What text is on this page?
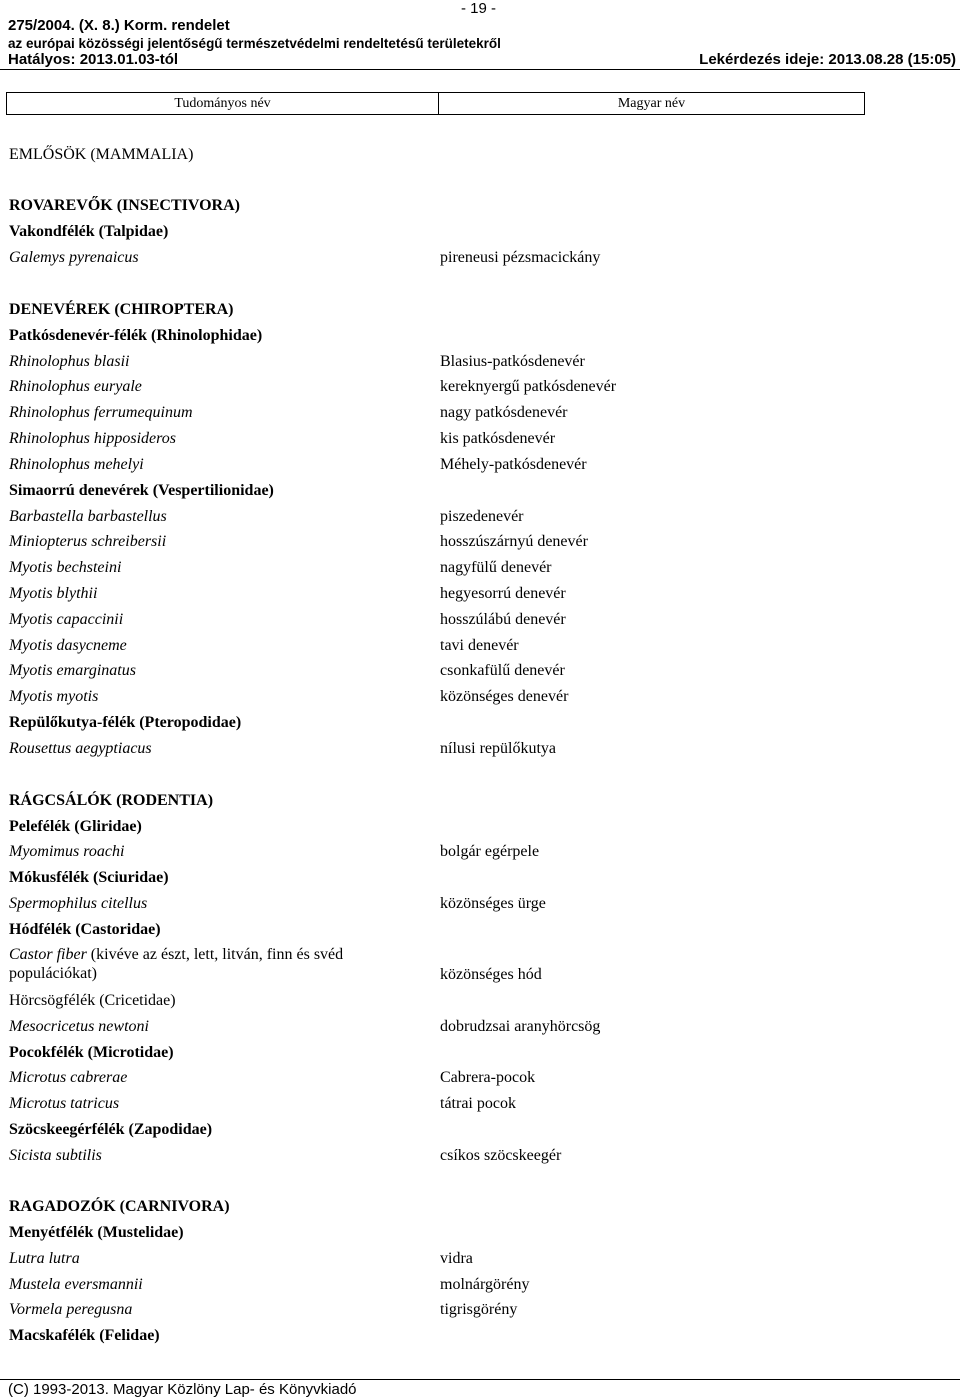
- 19 -
275/2004. (X. 8.) Korm. rendelet
az európai közösségi jelentőségű természetvédelmi rendeltetésű területekről
Hatályos: 2013.01.03-tól	Lekérdezés ideje: 2013.08.28 (15:05)
Tudományos név	Magyar név
EMLŐSÖK (MAMMALIA)
ROVAREVŐK (INSECTIVORA)
Vakondfélék (Talpidae)
Galemys pyrenaicus	pireneusi pézsmacickány
DENEVÉREK (CHIROPTERA)
Patkósdenevér-félék (Rhinolophidae)
Rhinolophus blasii	Blasius-patkósdenevér
Rhinolophus euryale	kereknyergű patkósdenevér
Rhinolophus ferrumequinum	nagy patkósdenevér
Rhinolophus hipposideros	kis patkósdenevér
Rhinolophus mehelyi	Méhely-patkósdenevér
Simaorrú denevérek (Vespertilionidae)
Barbastella barbastellus	piszedenevér
Miniopterus schreibersii	hosszúszárnyú denevér
Myotis bechsteini	nagyfülű denevér
Myotis blythii	hegyesorrú denevér
Myotis capaccinii	hosszúlábú denevér
Myotis dasycneme	tavi denevér
Myotis emarginatus	csonkafülű denevér
Myotis myotis	közönséges denevér
Repülőkutya-félék (Pteropodidae)
Rousettus aegyptiacus	nílusi repülőkutya
RÁGCSÁLÓK (RODENTIA)
Pelefélék (Gliridae)
Myomimus roachi	bolgár egérpele
Mókusfélék (Sciuridae)
Spermophilus citellus	közönséges ürge
Hódfélék (Castoridae)
Castor fiber (kivéve az észt, lett, litván, finn és svéd populációkat)	közönséges hód
Hörcsögfélék (Cricetidae)
Mesocricetus newtoni	dobrudzsai aranyhörcsög
Pocokfélék (Microtidae)
Microtus cabrerae	Cabrera-pocok
Microtus tatricus	tátrai pocok
Szöcskeegérfélék (Zapodidae)
Sicista subtilis	csíkos szöcskeegér
RAGADOZÓK (CARNIVORA)
Menyétfélék (Mustelidae)
Lutra lutra	vidra
Mustela eversmannii	molnárgörény
Vormela peregusna	tigrisgörény
Macskafélék (Felidae)
(C) 1993-2013. Magyar Közlöny Lap- és Könyvkiadó
